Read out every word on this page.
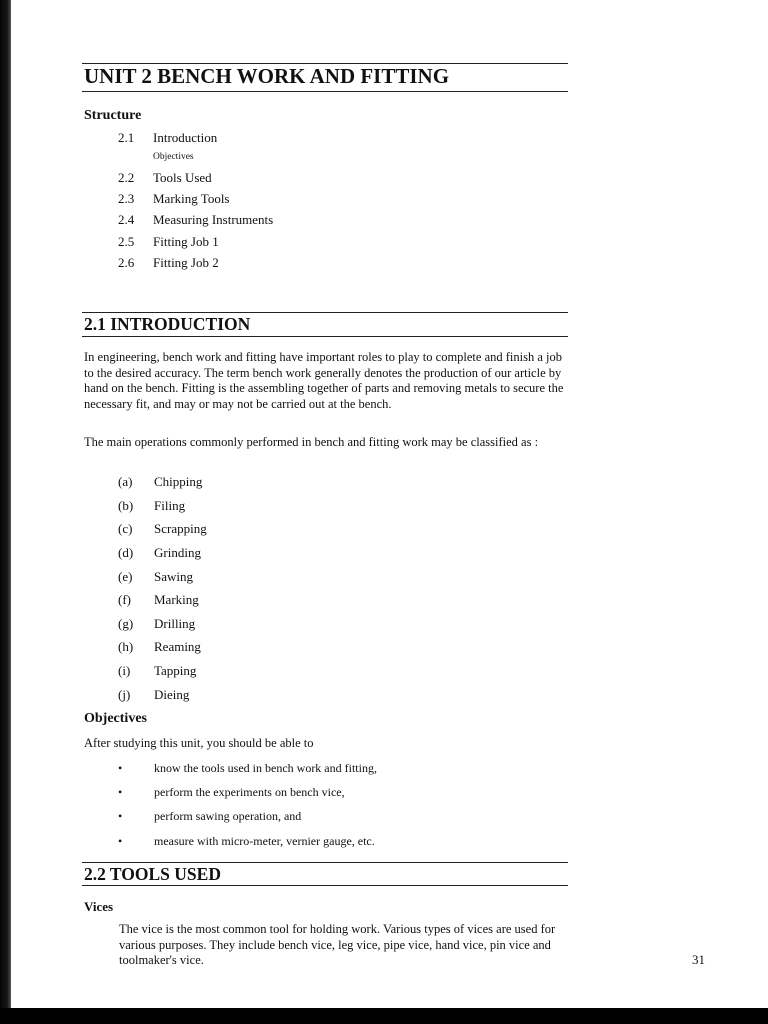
UNIT 2 BENCH WORK AND FITTING
Structure
2.1 Introduction
Objectives
2.2 Tools Used
2.3 Marking Tools
2.4 Measuring Instruments
2.5 Fitting Job 1
2.6 Fitting Job 2
2.1 INTRODUCTION
In engineering, bench work and fitting have important roles to play to complete and finish a job to the desired accuracy. The term bench work generally denotes the production of our article by hand on the bench. Fitting is the assembling together of parts and removing metals to secure the necessary fit, and may or may not be carried out at the bench.
The main operations commonly performed in bench and fitting work may be classified as :
(a) Chipping
(b) Filing
(c) Scrapping
(d) Grinding
(e) Sawing
(f) Marking
(g) Drilling
(h) Reaming
(i) Tapping
(j) Dieing
Objectives
After studying this unit, you should be able to
•	know the tools used in bench work and fitting,
•	perform the experiments on bench vice,
•	perform sawing operation, and
•	measure with micro-meter, vernier gauge, etc.
2.2 TOOLS USED
Vices
The vice is the most common tool for holding work. Various types of vices are used for various purposes. They include bench vice, leg vice, pipe vice, hand vice, pin vice and toolmaker's vice.	31
